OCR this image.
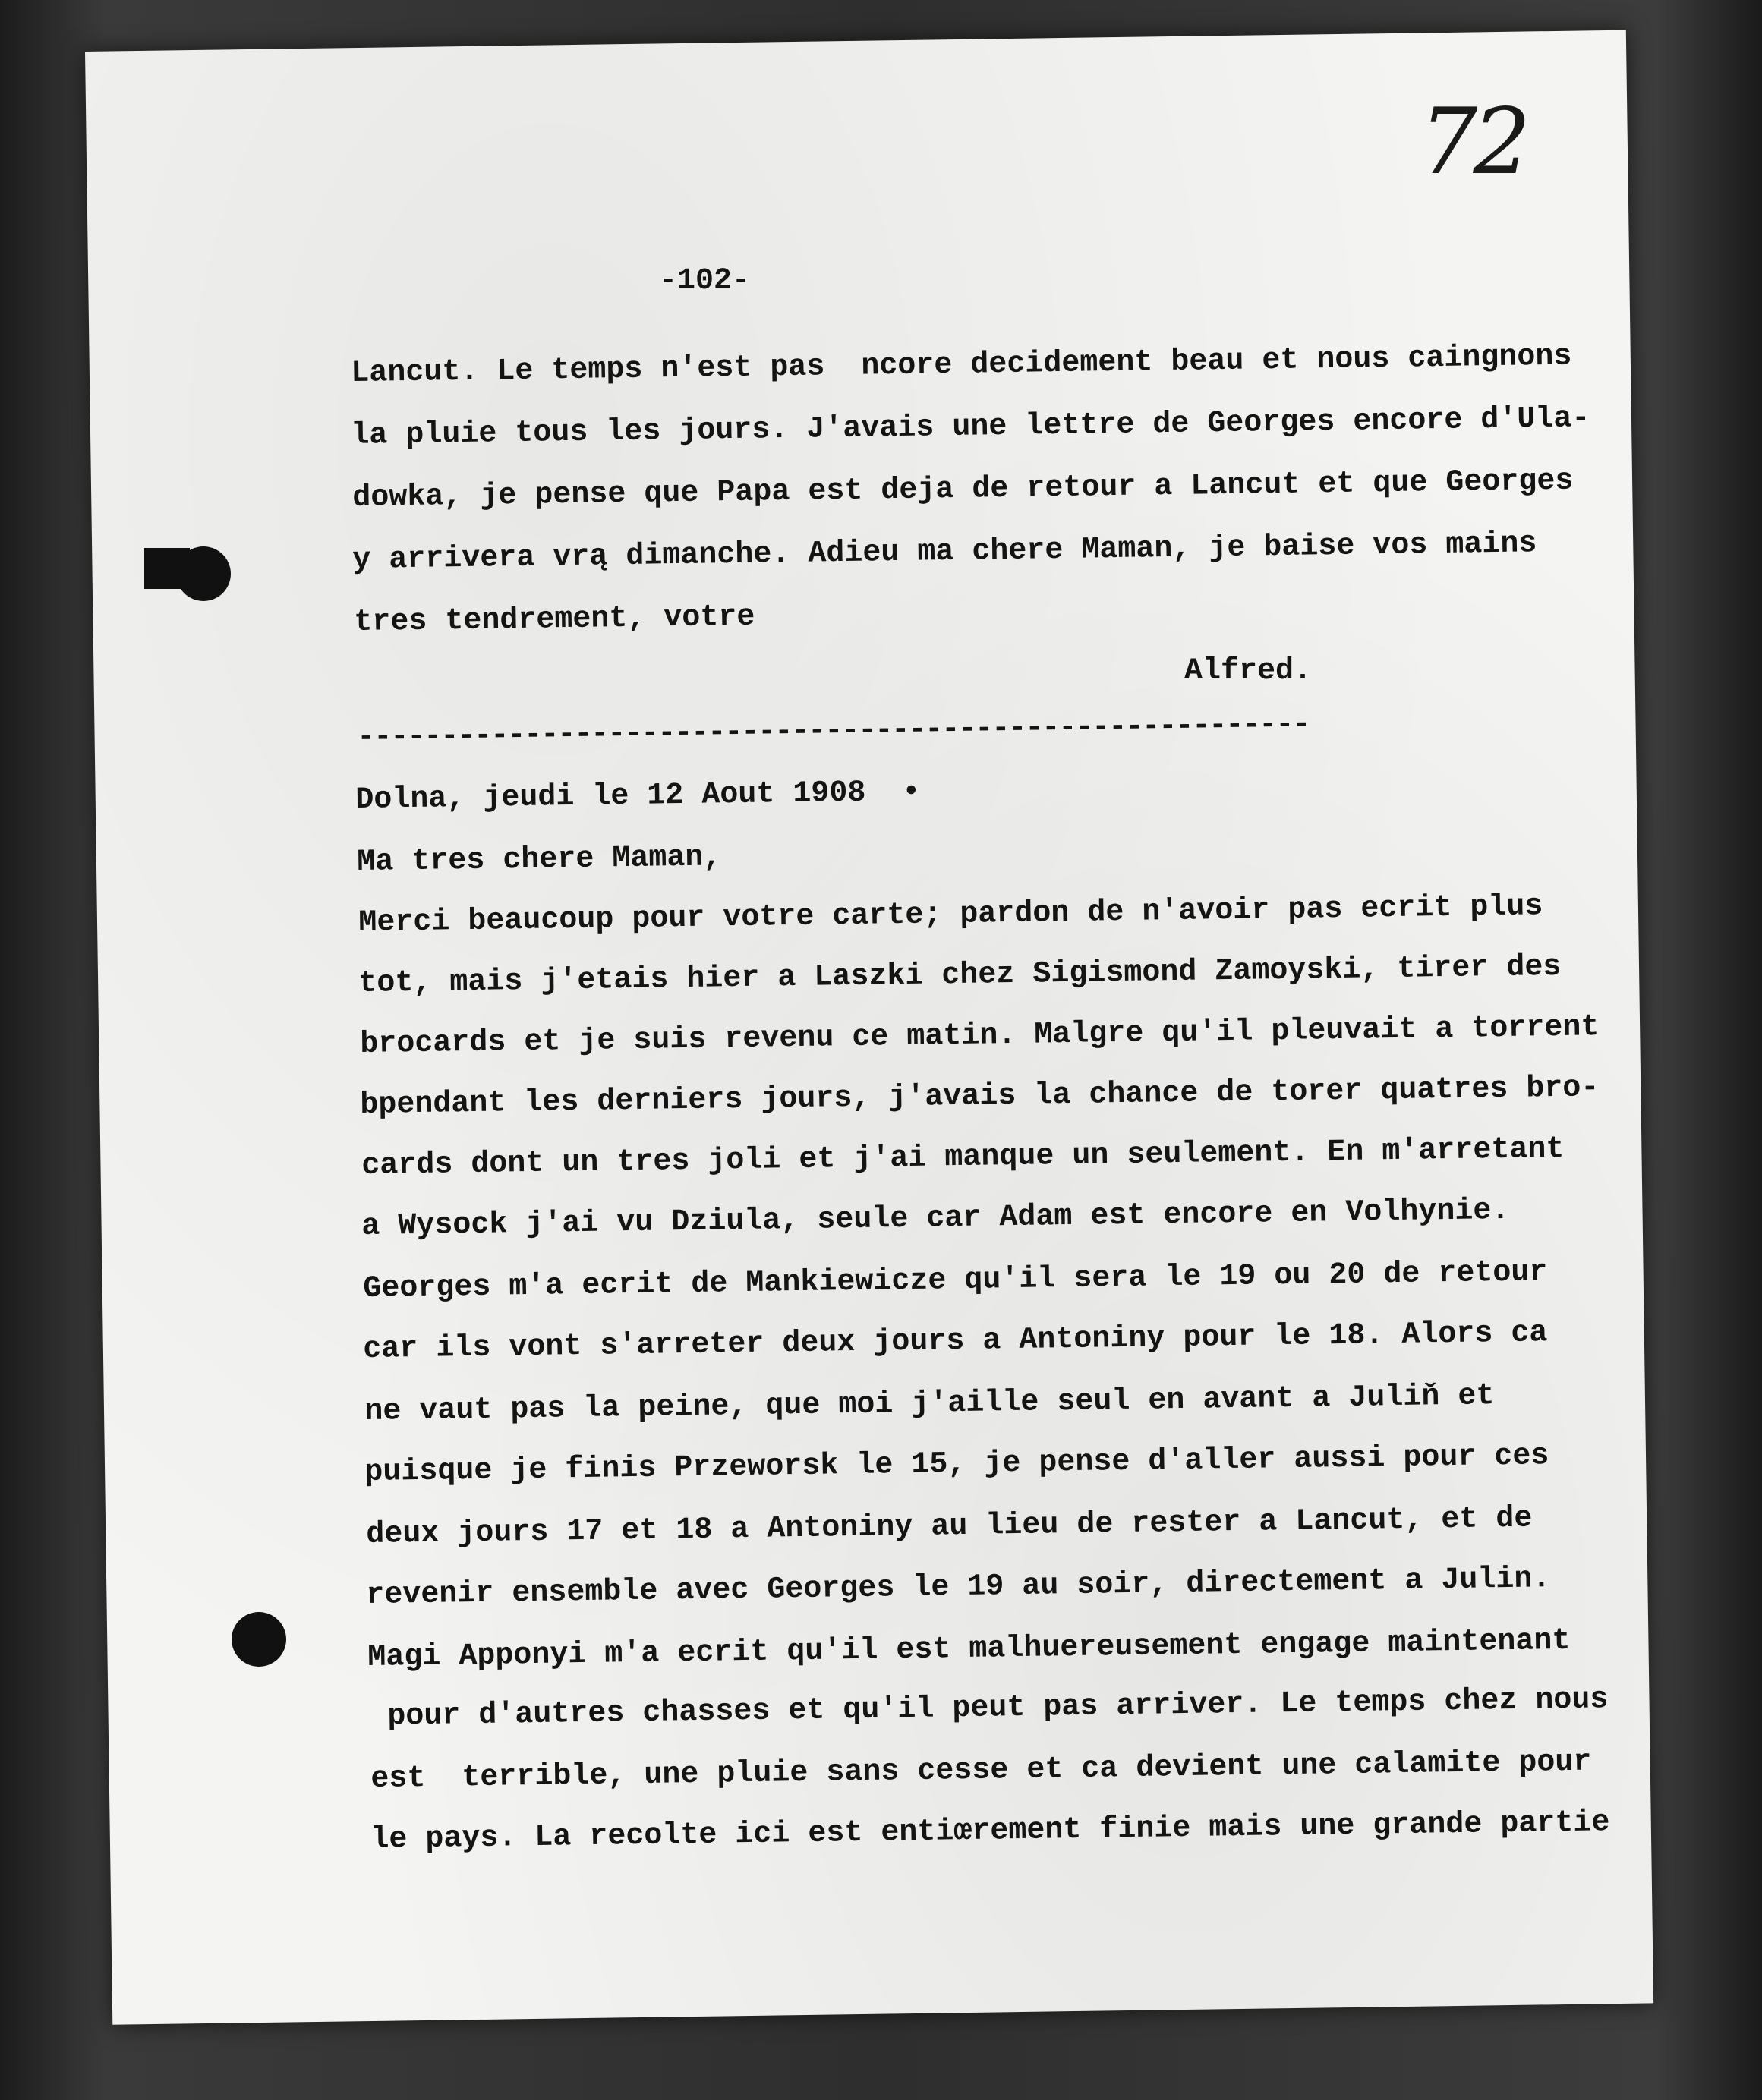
72
-102-
Lancut. Le temps n'est pas  ncore decidement beau et nous caingnons
la pluie tous les jours. J'avais une lettre de Georges encore d'Ula-
dowka, je pense que Papa est deja de retour a Lancut et que Georges
y arrivera vrą dimanche. Adieu ma chere Maman, je baise vos mains
tres tendrement, votre
Alfred.
---------------------------------------------------------
Dolna, jeudi le 12 Aout 1908  •
Ma tres chere Maman,
Merci beaucoup pour votre carte; pardon de n'avoir pas ecrit plus
tot, mais j'etais hier a Laszki chez Sigismond Zamoyski, tirer des
brocards et je suis revenu ce matin. Malgre qu'il pleuvait a torrent
bpendant les derniers jours, j'avais la chance de torer quatres bro-
cards dont un tres joli et j'ai manque un seulement. En m'arretant
a Wysock j'ai vu Dziula, seule car Adam est encore en Volhynie.
Georges m'a ecrit de Mankiewicze qu'il sera le 19 ou 20 de retour
car ils vont s'arreter deux jours a Antoniny pour le 18. Alors ca
ne vaut pas la peine, que moi j'aille seul en avant a Juliň et
puisque je finis Przeworsk le 15, je pense d'aller aussi pour ces
deux jours 17 et 18 a Antoniny au lieu de rester a Lancut, et de
revenir ensemble avec Georges le 19 au soir, directement a Julin.
Magi Apponyi m'a ecrit qu'il est malhuereusement engage maintenant
pour d'autres chasses et qu'il peut pas arriver. Le temps chez nous
est  terrible, une pluie sans cesse et ca devient une calamite pour
le pays. La recolte ici est entiœrement finie mais une grande partie
